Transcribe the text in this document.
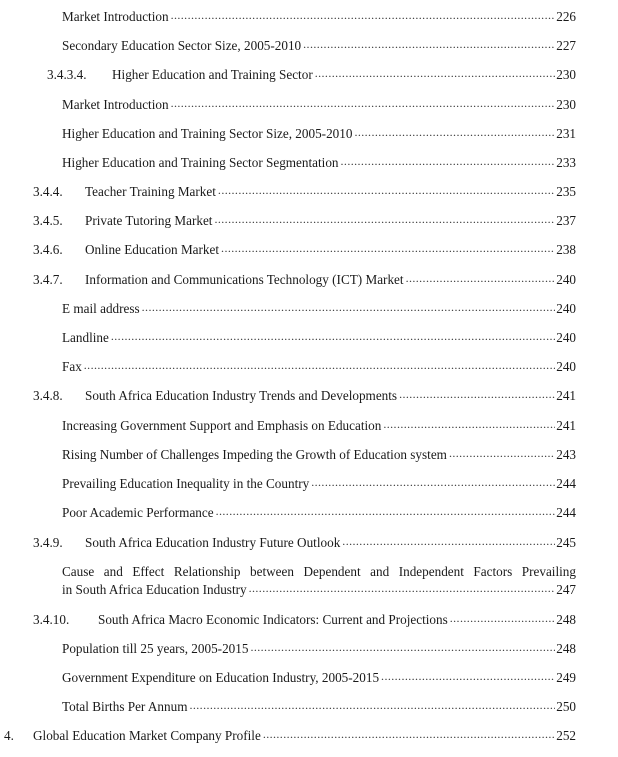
Market Introduction .....	226
Secondary Education Sector Size, 2005-2010 .....	227
3.4.3.4.	Higher Education and Training Sector .....	230
Market Introduction .....	230
Higher Education and Training Sector Size, 2005-2010 .....	231
Higher Education and Training Sector Segmentation .....	233
3.4.4.	Teacher Training Market .....	235
3.4.5.	Private Tutoring Market .....	237
3.4.6.	Online Education Market .....	238
3.4.7.	Information and Communications Technology (ICT) Market .....	240
E mail address .....	240
Landline .....	240
Fax .....	240
3.4.8.	South Africa Education Industry Trends and Developments .....	241
Increasing Government Support and Emphasis on Education .....	241
Rising Number of Challenges Impeding the Growth of Education system .....	243
Prevailing Education Inequality in the Country .....	244
Poor Academic Performance .....	244
3.4.9.	South Africa Education Industry Future Outlook .....	245
Cause and Effect Relationship between Dependent and Independent Factors Prevailing
in South Africa Education Industry .....	247
3.4.10.	South Africa Macro Economic Indicators: Current and Projections .....	248
Population till 25 years, 2005-2015 .....	248
Government Expenditure on Education Industry, 2005-2015 .....	249
Total Births Per Annum .....	250
4.	Global Education Market Company Profile .....	252
